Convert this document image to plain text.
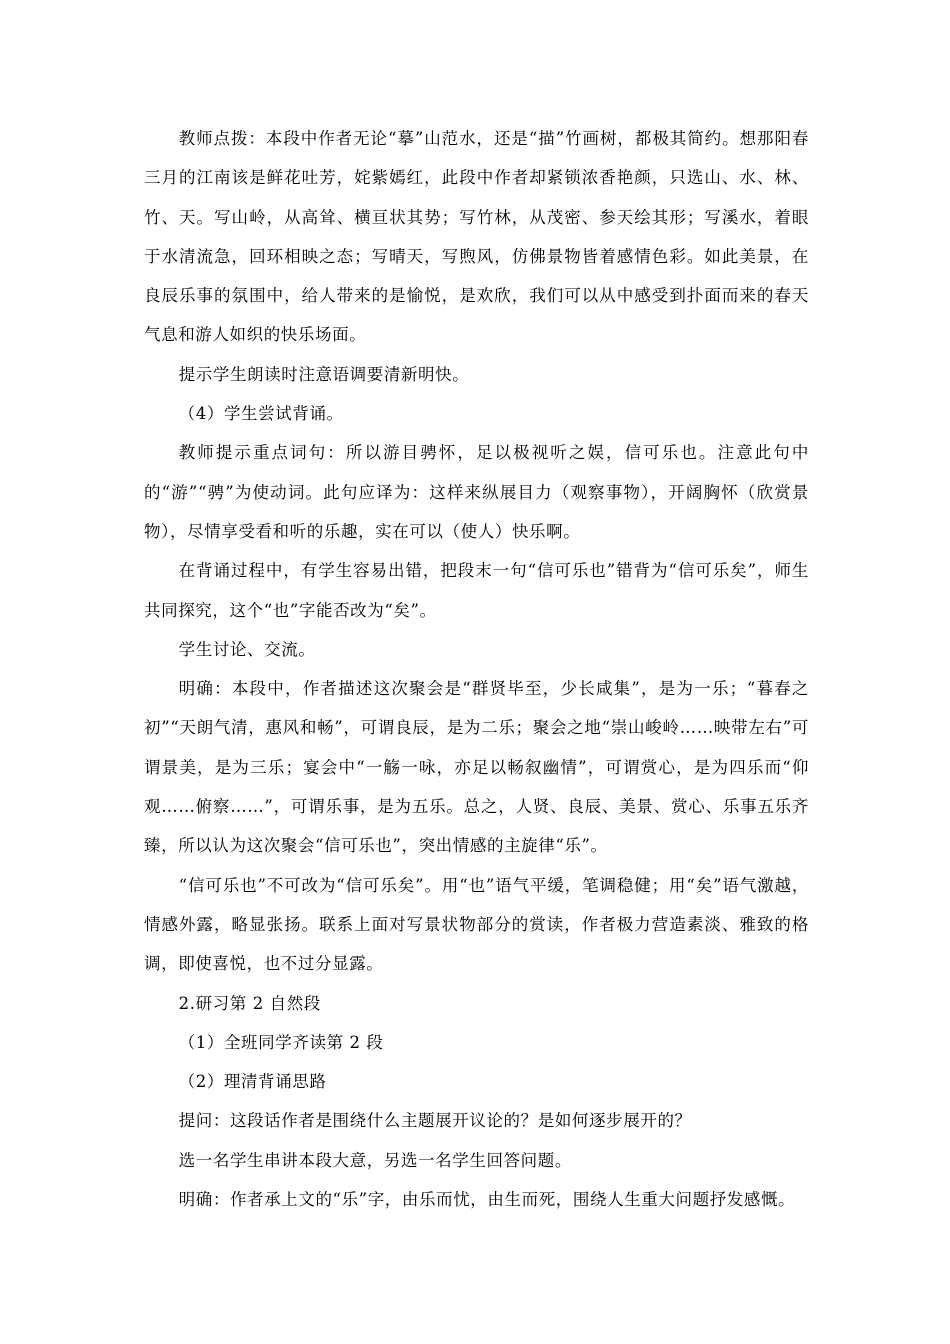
教师点拨：本段中作者无论“摹”山范水，还是“描”竹画树，都极其简约。想那阳春三月的江南该是鲜花吐芳，姹紫嫣红，此段中作者却紧锁浓香艳颜，只选山、水、林、竹、天。写山岭，从高耸、横亘状其势；写竹林，从茂密、参天绘其形；写溪水，着眼于水清流急，回环相映之态；写晴天，写煦风，仿佛景物皆着感情色彩。如此美景，在良辰乐事的氛围中，给人带来的是愉悦，是欢欣，我们可以从中感受到扑面而来的春天气息和游人如织的快乐场面。

提示学生朗读时注意语调要清新明快。

（4）学生尝试背诵。

教师提示重点词句：所以游目骋怀，足以极视听之娱，信可乐也。注意此句中的“游”“骋”为使动词。此句应译为：这样来纵展目力（观察事物），开阔胸怀（欣赏景物），尽情享受看和听的乐趣，实在可以（使人）快乐啊。

在背诵过程中，有学生容易出错，把段末一句“信可乐也”错背为“信可乐矣”，师生共同探究，这个“也”字能否改为“矣”。

学生讨论、交流。

明确：本段中，作者描述这次聚会是“群贤毕至，少长咸集”，是为一乐；“暮春之初”“天朗气清，惠风和畅”，可谓良辰，是为二乐；聚会之地“崇山峻岭……映带左右”可谓景美，是为三乐；宴会中“一觞一咏，亦足以畅叙幽情”，可谓赏心，是为四乐而“仰观……俯察……”，可谓乐事，是为五乐。总之，人贤、良辰、美景、赏心、乐事五乐齐臻，所以认为这次聚会“信可乐也”，突出情感的主旋律“乐”。

“信可乐也”不可改为“信可乐矣”。用“也”语气平缓，笔调稳健；用“矣”语气激越，情感外露，略显张扬。联系上面对写景状物部分的赏读，作者极力营造素淡、雅致的格调，即使喜悦，也不过分显露。

2.研习第 2 自然段

（1）全班同学齐读第 2 段

（2）理清背诵思路

提问：这段话作者是围绕什么主题展开议论的？是如何逐步展开的？

选一名学生串讲本段大意，另选一名学生回答问题。

明确：作者承上文的“乐”字，由乐而忧，由生而死，围绕人生重大问题抒发感慨。
